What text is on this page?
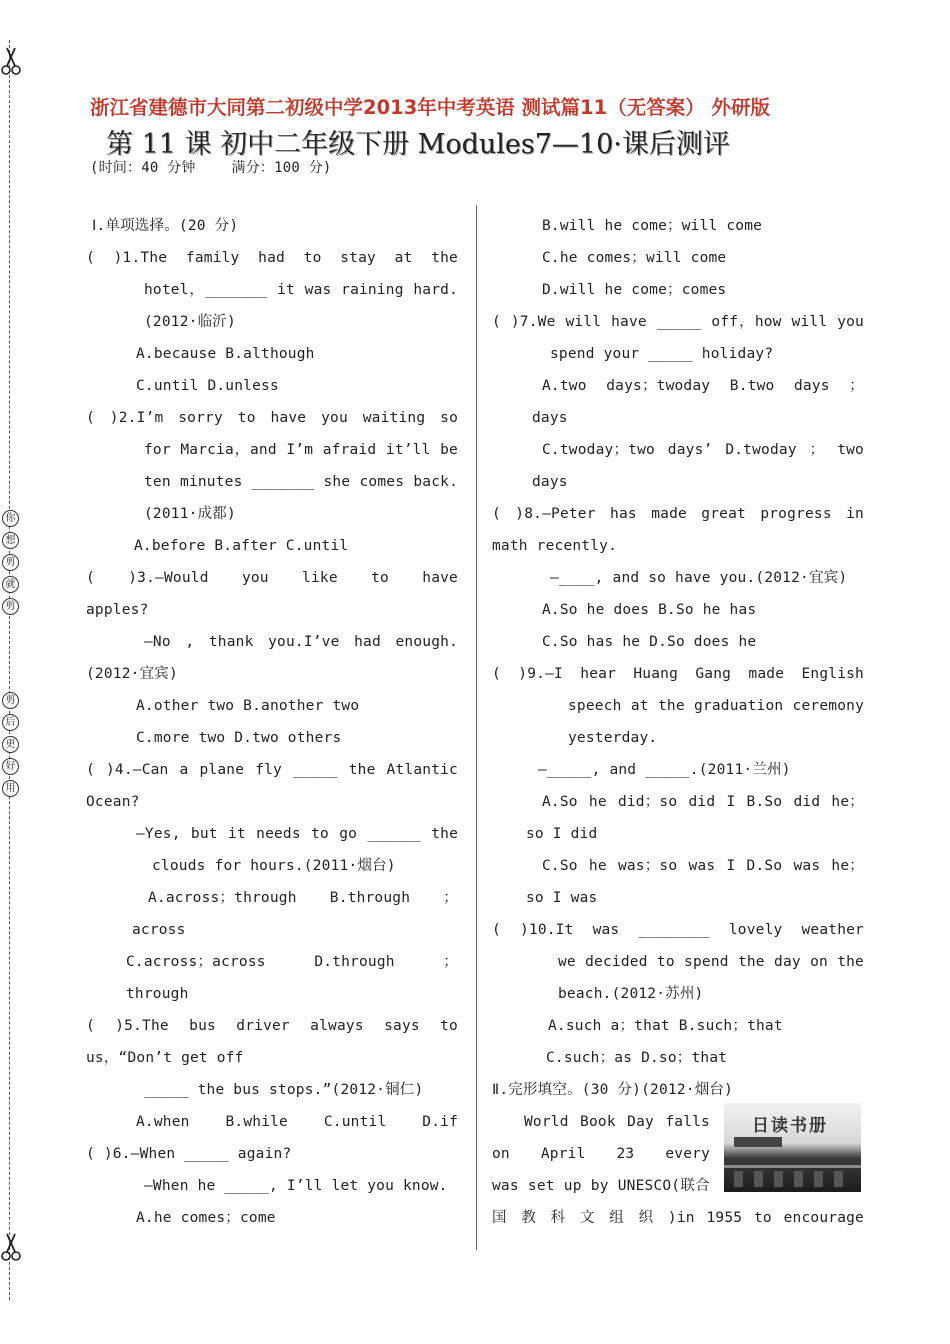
你
想
剪
就
剪
剪
后
更
好
用
浙江省建德市大同第二初级中学2013年中考英语 测试篇11（无答案） 外研版
第 11 课 初中二年级下册 Modules7—10·课后测评
(时间：40 分钟	满分：100 分)
Ⅰ.单项选择。(20 分)
( )1.The family had to stay at the
hotel，_______ it was raining hard.
(2012·临沂)
A.because B.although
C.until D.unless
( )2.I’m sorry to have you waiting so
for Marcia，and I’m afraid it’ll be
ten minutes _______ she comes back.
(2011·成都)
A.before B.after C.until
( )3.—Would you like to have
apples?
—No , thank you.I’ve had enough.
(2012·宜宾)
A.other two B.another two
C.more two D.two others
( )4.—Can a plane fly _____ the Atlantic
Ocean?
—Yes, but it needs to go ______ the
clouds for hours.(2011·烟台)
A.across；through B.through ；
across
C.across；across D.through ；
through
( )5.The bus driver always says to
us，“Don’t get off
_____ the bus stops.”(2012·铜仁)
A.when B.while C.until D.if
( )6.—When _____ again?
—When he _____, I’ll let you know.
A.he comes；come
B.will he come；will come
C.he comes；will come
D.will he come；comes
( )7.We will have _____ off，how will you
spend your _____ holiday?
A.two days；twoday B.two days ；
days
C.twoday；two days’ D.twoday ； two
days
( )8.—Peter has made great progress in
math recently.
—____, and so have you.(2012·宜宾)
A.So he does B.So he has
C.So has he D.So does he
( )9.—I hear Huang Gang made English
speech at the graduation ceremony
yesterday.
—_____, and _____.(2011·兰州)
A.So he did；so did I B.So did he；
so I did
C.So he was；so was I D.So was he；
so I was
( )10.It was ________ lovely weather
we decided to spend the day on the
beach.(2012·苏州)
A.such a；that B.such；that
C.such；as D.so；that
Ⅱ.完形填空。(30 分)(2012·烟台)
World Book Day falls
on April 23 every
was set up by UNESCO(联合
国 教 科 文 组 织 )in 1955 to encourage
日读书册
